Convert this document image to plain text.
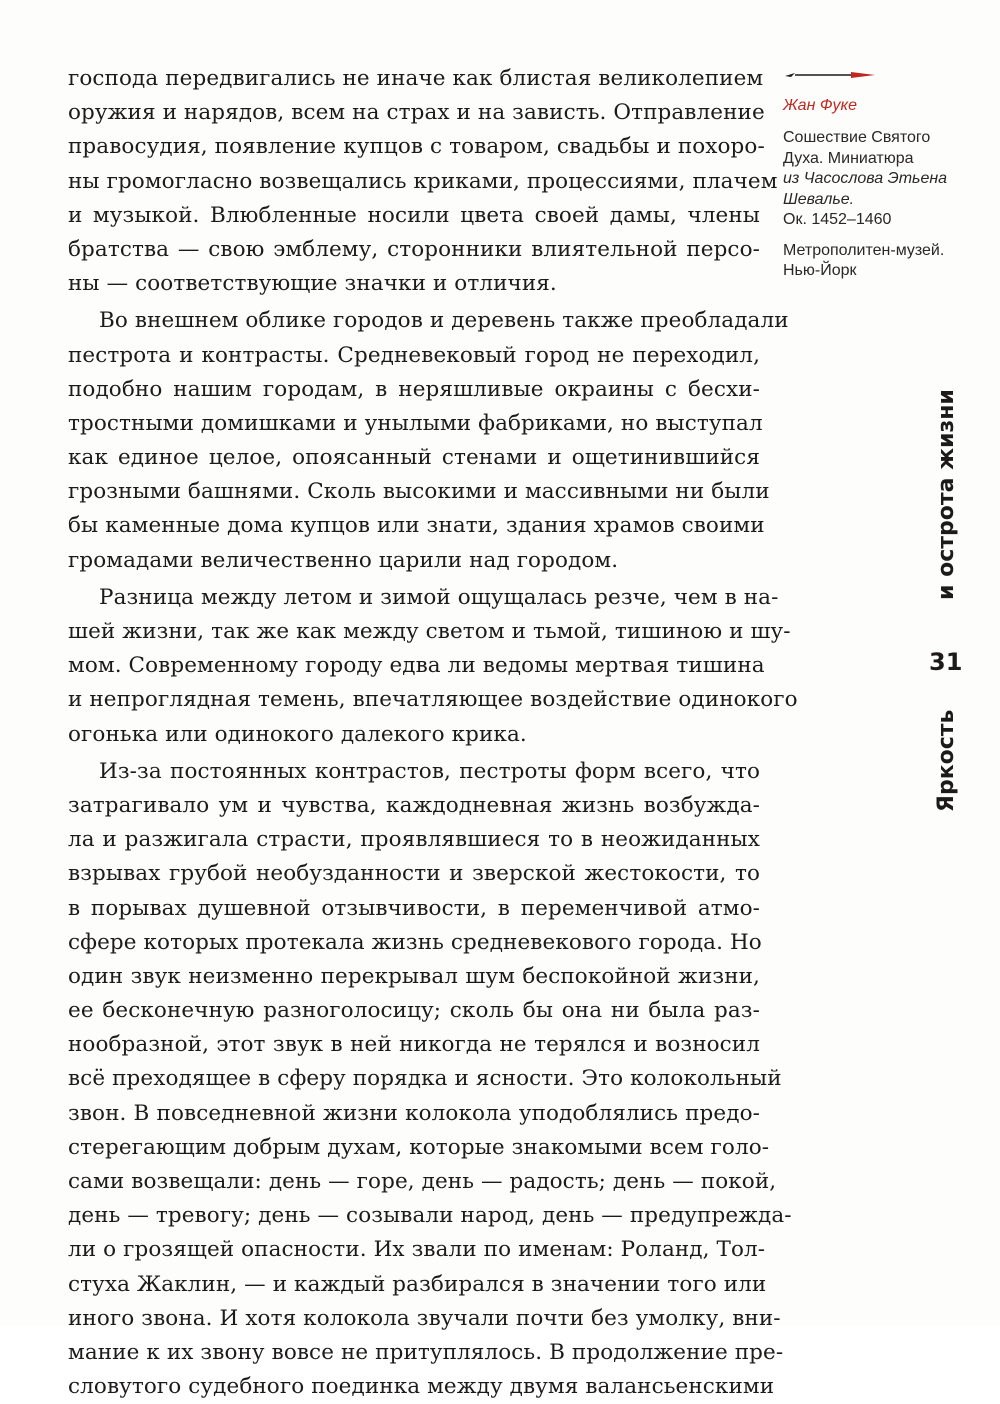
господа передвигались не иначе как блистая великолепием
оружия и нарядов, всем на страх и на зависть. Отправление
правосудия, появление купцов с товаром, свадьбы и похоро-
ны громогласно возвещались криками, процессиями, плачем
и музыкой. Влюбленные носили цвета своей дамы, члены
братства — свою эмблему, сторонники влиятельной персо-
ны — соответствующие значки и отличия.
Во внешнем облике городов и деревень также преобладали
пестрота и контрасты. Средневековый город не переходил,
подобно нашим городам, в неряшливые окраины с бесхи-
тростными домишками и унылыми фабриками, но выступал
как единое целое, опоясанный стенами и ощетинившийся
грозными башнями. Сколь высокими и массивными ни были
бы каменные дома купцов или знати, здания храмов своими
громадами величественно царили над городом.
Разница между летом и зимой ощущалась резче, чем в на-
шей жизни, так же как между светом и тьмой, тишиною и шу-
мом. Современному городу едва ли ведомы мертвая тишина
и непроглядная темень, впечатляющее воздействие одинокого
огонька или одинокого далекого крика.
Из-за постоянных контрастов, пестроты форм всего, что
затрагивало ум и чувства, каждодневная жизнь возбужда-
ла и разжигала страсти, проявлявшиеся то в неожиданных
взрывах грубой необузданности и зверской жестокости, то
в порывах душевной отзывчивости, в переменчивой атмо-
сфере которых протекала жизнь средневекового города. Но
один звук неизменно перекрывал шум беспокойной жизни,
ее бесконечную разноголосицу; сколь бы она ни была раз-
нообразной, этот звук в ней никогда не терялся и возносил
всё преходящее в сферу порядка и ясности. Это колокольный
звон. В повседневной жизни колокола уподоблялись предо-
стерегающим добрым духам, которые знакомыми всем голо-
сами возвещали: день — горе, день — радость; день — покой,
день — тревогу; день — созывали народ, день — предупрежда-
ли о грозящей опасности. Их звали по именам: Роланд, Тол-
стуха Жаклин, — и каждый разбирался в значении того или
иного звона. И хотя колокола звучали почти без умолку, вни-
мание к их звону вовсе не притуплялось. В продолжение пре-
словутого судебного поединка между двумя валансьенскими
Жан Фуке
Сошествие Святого
Духа. Миниатюра
из Часослова Этьена
Шевалье.
Ок. 1452–1460
Метрополитен-музей.
Нью-Йорк
и острота жизни
31
Яркость
